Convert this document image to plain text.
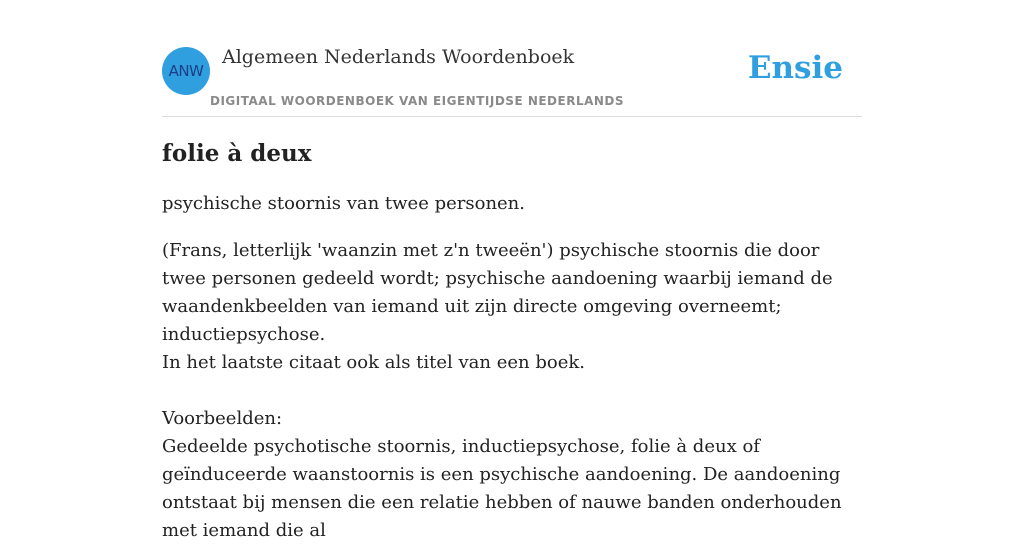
ANW
Algemeen Nederlands Woordenboek
DIGITAAL WOORDENBOEK VAN EIGENTIJDSE NEDERLANDS
Ensie
folie à deux

psychische stoornis van twee personen.

(Frans, letterlijk 'waanzin met z'n tweeën') psychische stoornis die door twee personen gedeeld wordt; psychische aandoening waarbij iemand de waandenkbeelden van iemand uit zijn directe omgeving overneemt; inductiepsychose.
In het laatste citaat ook als titel van een boek.
Voorbeelden:
Gedeelde psychotische stoornis, inductiepsychose, folie à deux of geïnduceerde waanstoornis is een psychische aandoening. De aandoening ontstaat bij mensen die een relatie hebben of nauwe banden onderhouden met iemand die al
